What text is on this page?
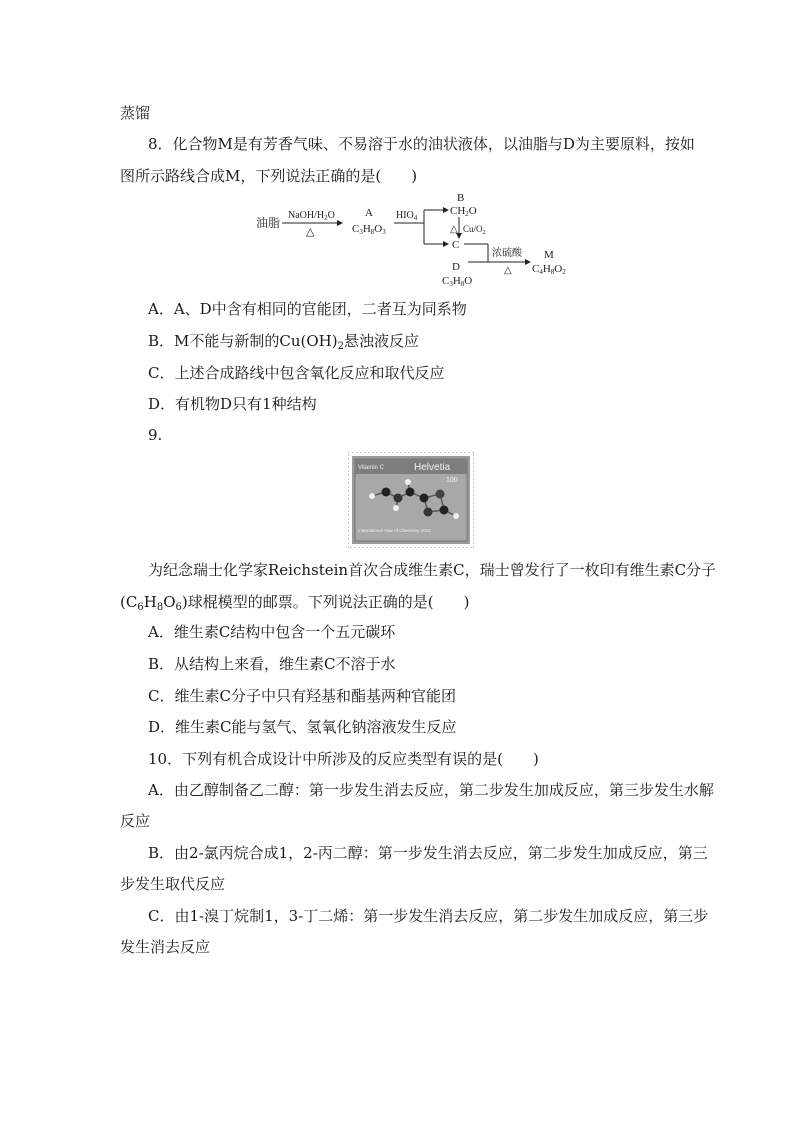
蒸馏
8．化合物M是有芳香气味、不易溶于水的油状液体，以油脂与D为主要原料，按如
图所示路线合成M，下列说法正确的是(　　)
油脂
NaOH/$H_2O$
△
A
C3H8O3
$HIO_4$
B
CH2O
△ $Cu/O_2$
C
浓硫酸
△
D
C3H8O
M
C4H8O2
A．A、D中含有相同的官能团，二者互为同系物
B．M不能与新制的$Cu(OH)_2$悬浊液反应
C．上述合成路线中包含氧化反应和取代反应
D．有机物D只有1种结构
9.
Vitamin C	Helvetia
100
International Year of Chemistry 2011
为纪念瑞士化学家Reichstein首次合成维生素C，瑞士曾发行了一枚印有维生素C分子
$(C_6H_8O_6)$球棍模型的邮票。下列说法正确的是(　　)
A．维生素C结构中包含一个五元碳环
B．从结构上来看，维生素C不溶于水
C．维生素C分子中只有羟基和酯基两种官能团
D．维生素C能与氢气、氢氧化钠溶液发生反应
10．下列有机合成设计中所涉及的反应类型有误的是(　　)
A．由乙醇制备乙二醇：第一步发生消去反应，第二步发生加成反应，第三步发生水解
反应
B．由2-氯丙烷合成1，2-丙二醇：第一步发生消去反应，第二步发生加成反应，第三
步发生取代反应
C．由1-溴丁烷制1，3-丁二烯：第一步发生消去反应，第二步发生加成反应，第三步
发生消去反应
